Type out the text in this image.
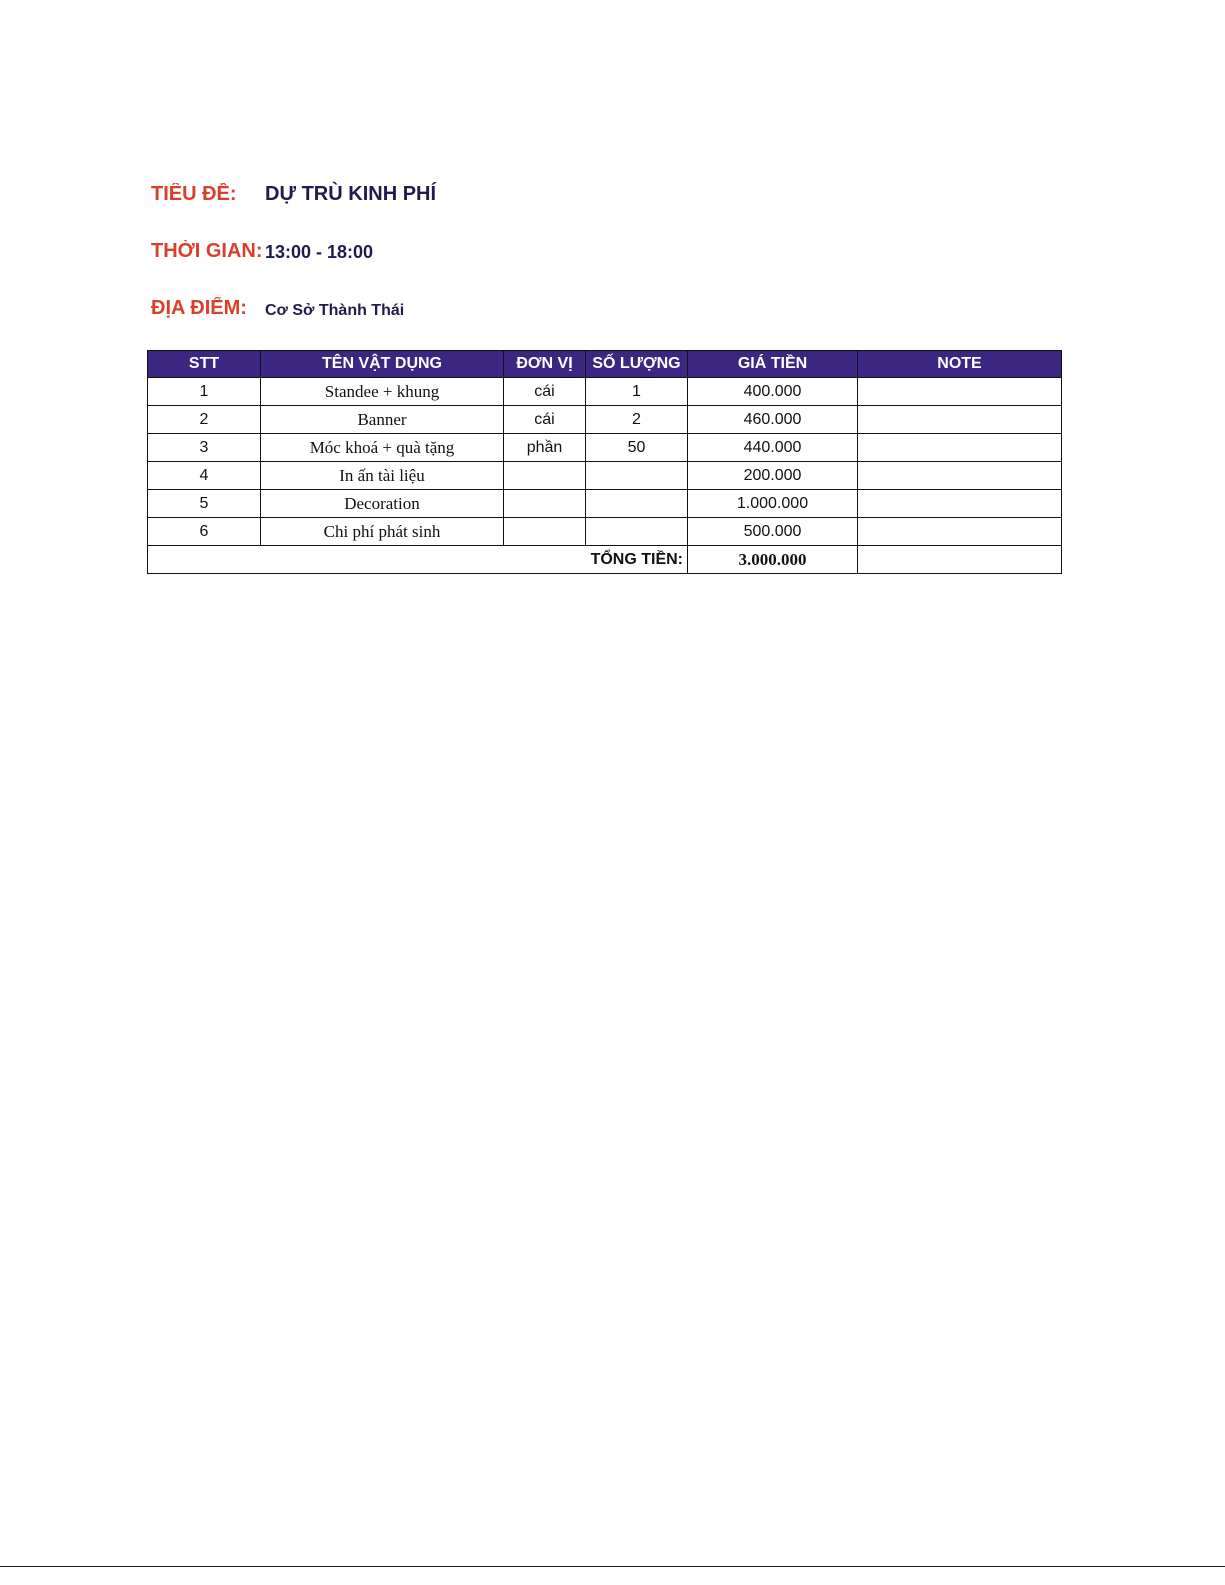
TIÊU ĐỀ:	DỰ TRÙ KINH PHÍ
THỜI GIAN: 13:00 - 18:00
ĐỊA ĐIỂM:	Cơ Sở Thành Thái
STT	TÊN VẬT DỤNG	ĐƠN VỊ	SỐ LƯỢNG	GIÁ TIỀN	NOTE
1	Standee + khung	cái	1	400.000	
2	Banner	cái	2	460.000	
3	Móc khoá + quà tặng	phần	50	440.000	
4	In ấn tài liệu			200.000	
5	Decoration			1.000.000	
6	Chi phí phát sinh			500.000	
TỔNG TIỀN:				3.000.000	
